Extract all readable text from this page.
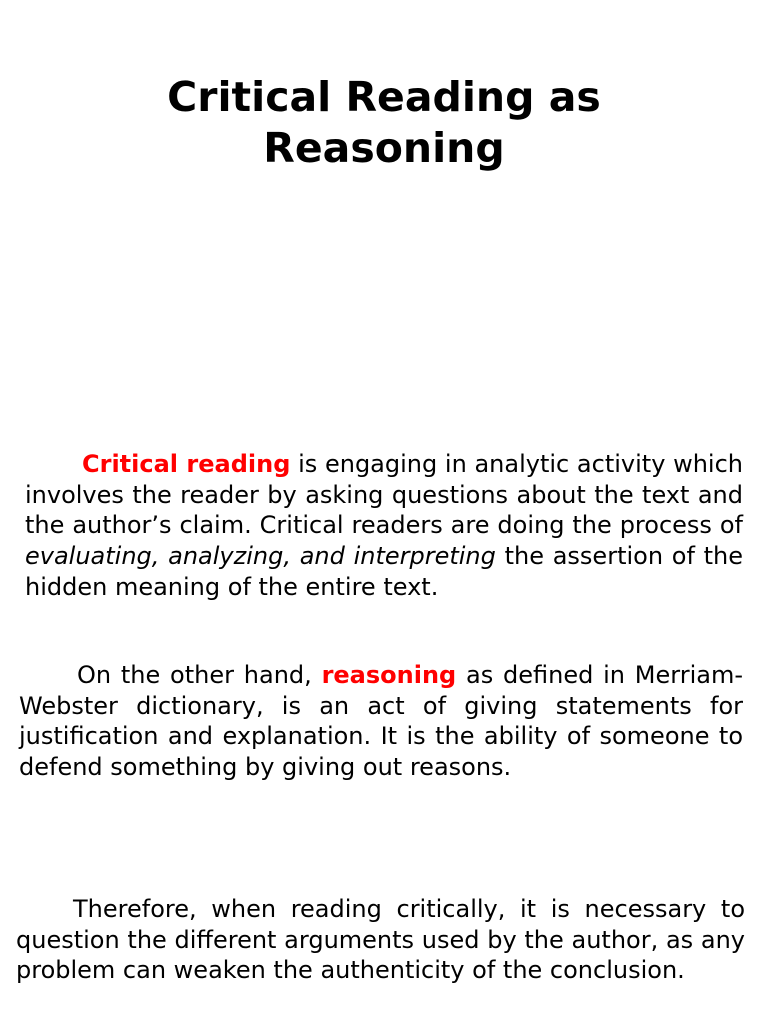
Critical Reading as
Reasoning

Critical reading is engaging in analytic activity which involves the reader by asking questions about the text and the author’s claim. Critical readers are doing the process of evaluating, analyzing, and interpreting the assertion of the hidden meaning of the entire text.

On the other hand, reasoning as defined in Merriam-Webster dictionary, is an act of giving statements for justification and explanation. It is the ability of someone to defend something by giving out reasons.

Therefore, when reading critically, it is necessary to question the different arguments used by the author, as any problem can weaken the authenticity of the conclusion.
